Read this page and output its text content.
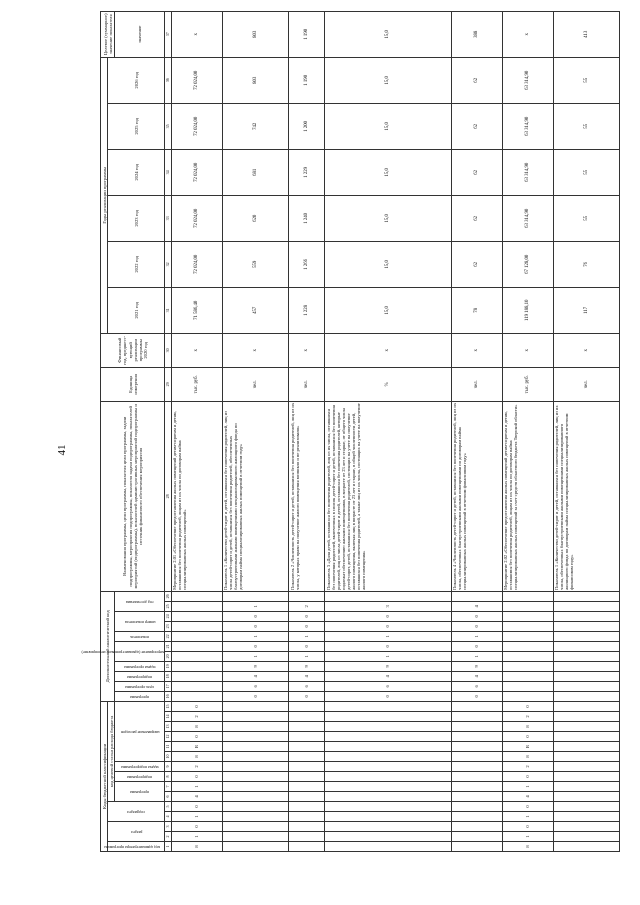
41
Коды бюджетной классификации															Дополнительный аналитический код											Наименования программы, цели программы, показателя цели программы, задачи подпрограммы, мероприятия подпрограммы, показателя задачи подпрограммы, показателей мероприятий (подпрограммы), показателей административных мероприятий подпрограммы и источник финансового обеспечения мероприятия	Единица измерения	Финансовый год, предшест-вующий реализации программы 2020 год	Годы реализации программы						Целевое (суммарное) значение показателя

код администратора программы	раздел		подраздел		код целевой статьи расхода бюджета																								2021 год	2022 год	2023 год	2024 год	2025 год	2026 год	

					программа		подпрограмма	задача подпрограммы	направление расходов						программа	цель программы	подпрограмма	задача программы	мероприятие (административное мероприятие)		показатель	номер показателя		год достижения											значение
1	2	3	4	5	6	7	8	9	10	11	12	13	14	15	16	17	18	19	20	21	22	23	24	25	26	28	29	30	31	32	33	34	35	36	37
8	1	0	1	0	4	1	0	2	8	R	0	8	2	0												Мероприятие 2.01 «Обеспечение предоставления жилых помещений детям-сиротам и детям, оставшимся без попечения родителей, лицам из их числа по договорам найма специализированных жилых помещений»	тыс. руб.	х	71 586,40	72 024,00	72 024,00	72 024,00	72 024,00	72 024,00	х
															0	6	4	9	1	0	1	0	0	1		Показатель 1 «Количество детей-сирот и детей, оставшихся без попечения родителей, лиц из числа детей-сирот и детей, оставшихся без попечения родителей, обеспеченных благоустроенными жилыми помещениями специализированного жилищного фонда по договорам найма специализированных жилых помещений в отчетном году»	чел.	х	457	559	620	681	742	803	803
															0	6	4	9	1	0	1	0	0	2		Показатель 2 «Численность детей-сирот и детей, оставшихся без попечения родителей, лиц из их числа, у которых право на получение жилого помещения возникло и не реализовано»	чел.	х	1 228	1 266	1 240	1 229	1 200	1 190	1 190
															0	6	4	9	1	0	1	0	0	3		Показатель 3 «Доля детей, оставшихся без попечения родителей, лиц из их числа, оставшихся без попечения родителей, включенных в список детей-сирот и детей, оставшихся без попечения родителей, лиц из числа детей-сирот и детей, оставшихся без попечения родителей, которые подлежат обеспечению жилыми помещениями, в возрасте от 23 лет и старше, от общего числа детей-сирот, детей, оставшихся без попечения родителей, состоящих на учете на получение жилого помещения, включая лиц в возрасте от 23 лет и старше, в общей численности детей, оставшихся без попечения родителей, а также лиц из их числа, состоящих на учете на получение жилого помещения»	%	х	15,0	15,0	15,0	15,0	15,0	15,0	15,0
															0	6	4	9	1	0	1	0	0	4		Показатель 4 «Численность детей-сирот и детей, оставшихся без попечения родителей, лиц из их числа, обеспеченных благоустроенными жилыми помещениями по договорам найма специализированных жилых помещений в отчетном финансовом году»	чел.	х	78	62	62	62	62	62	388
8	1	0	1	0	4	1	0	2	8	R	0	8	2	0												Мероприятие 2.02 «Обеспечение предоставления жилых помещений детям-сиротам и детям, оставшимся без попечения родителей, лицам из их числа по договорам найма специализированных жилых помещений за счет средств областного бюджета Тверской области»	тыс. руб.	х	119 188,10	67 128,00	63 314,90	63 314,90	63 314,90	63 314,90	х
																										Показатель 1 «Количество детей-сирот и детей, оставшихся без попечения родителей, лиц из их числа, обеспеченных благоустроенными жилыми помещениями специализированного жилищного фонда по договорам найма специализированных жилых помещений в отчетном финансовом году»	чел.	х	117	76	55	55	55	55	413
